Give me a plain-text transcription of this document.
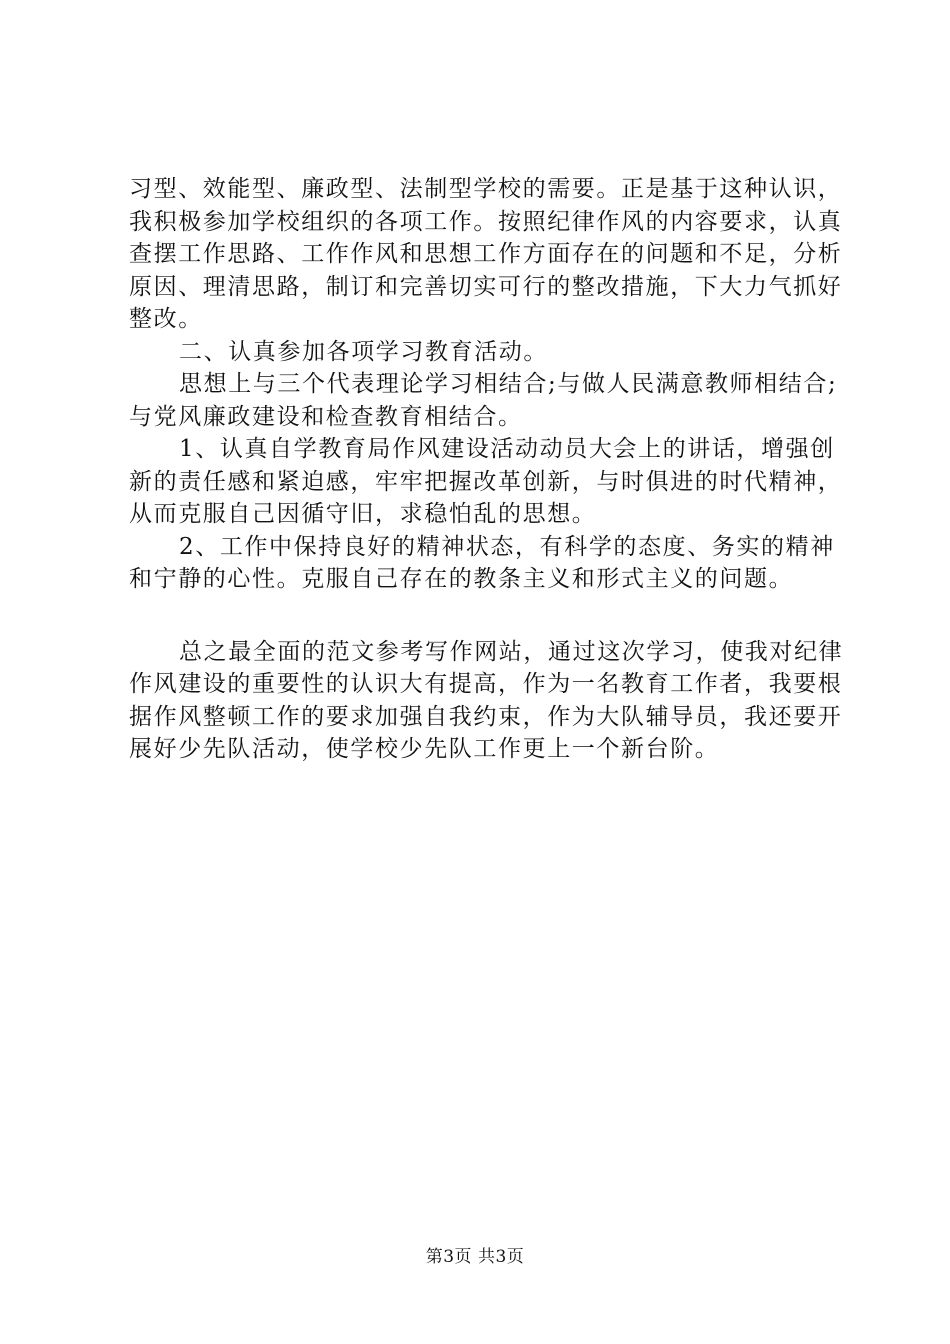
习型、效能型、廉政型、法制型学校的需要。正是基于这种认识，我积极参加学校组织的各项工作。按照纪律作风的内容要求，认真查摆工作思路、工作作风和思想工作方面存在的问题和不足，分析原因、理清思路，制订和完善切实可行的整改措施，下大力气抓好整改。

二、认真参加各项学习教育活动。

思想上与三个代表理论学习相结合;与做人民满意教师相结合;与党风廉政建设和检查教育相结合。

1、认真自学教育局作风建设活动动员大会上的讲话，增强创新的责任感和紧迫感，牢牢把握改革创新，与时俱进的时代精神，从而克服自己因循守旧，求稳怕乱的思想。

2、工作中保持良好的精神状态，有科学的态度、务实的精神和宁静的心性。克服自己存在的教条主义和形式主义的问题。

总之最全面的范文参考写作网站，通过这次学习，使我对纪律作风建设的重要性的认识大有提高，作为一名教育工作者，我要根据作风整顿工作的要求加强自我约束，作为大队辅导员，我还要开展好少先队活动，使学校少先队工作更上一个新台阶。

第3页 共3页
